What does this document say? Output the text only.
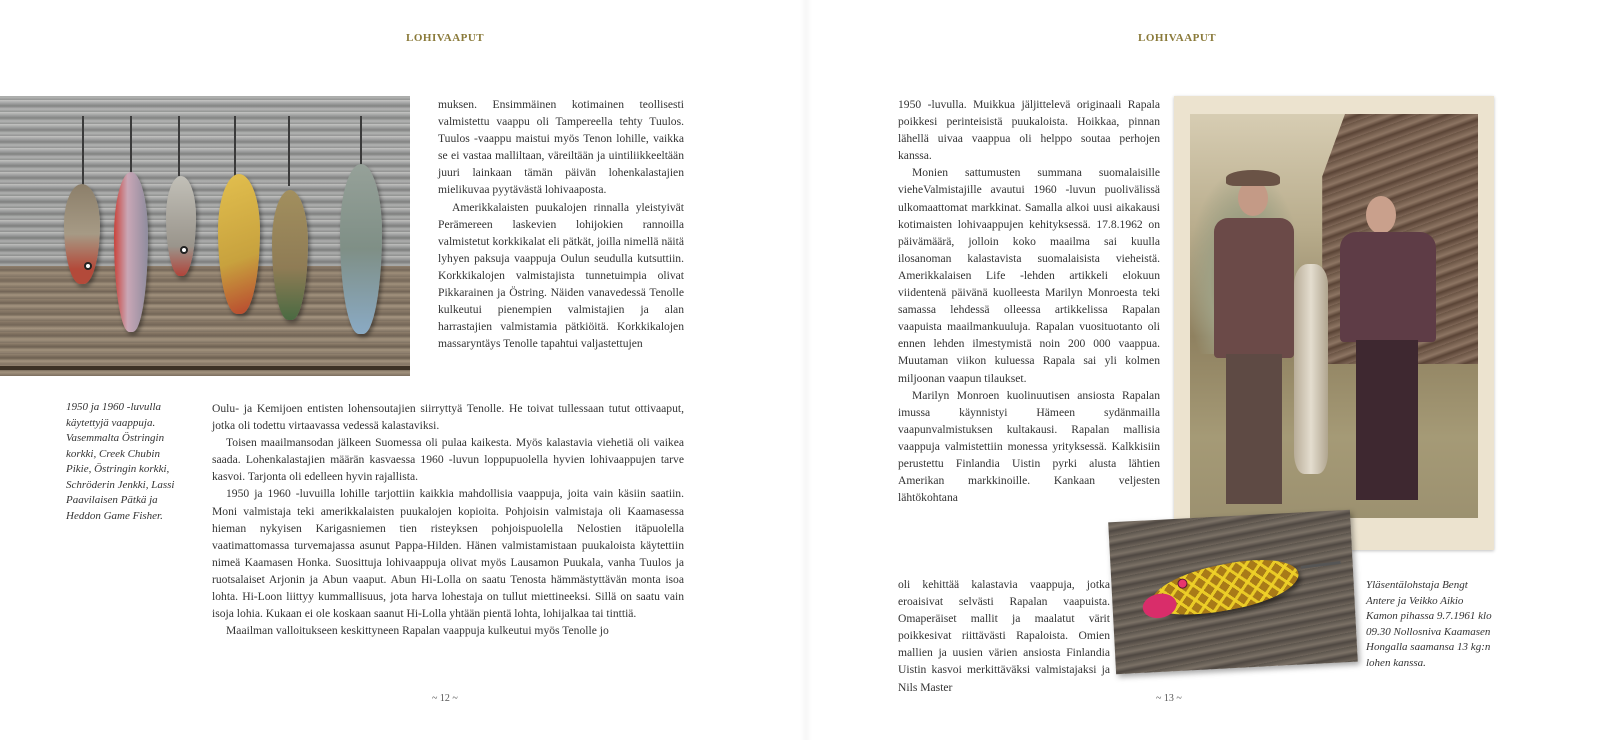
LOHIVAAPUT
1950 ja 1960 -luvulla käytettyjä vaappuja. Vasemmalta Östringin korkki, Creek Chubin Pikie, Östringin korkki, Schröderin Jenkki, Lassi Paavilaisen Pätkä ja Heddon Game Fisher.

muksen. Ensimmäinen kotimainen teollisesti valmistettu vaappu oli Tampereella tehty Tuulos. Tuulos -vaappu maistui myös Tenon lohille, vaikka se ei vastaa malliltaan, väreiltään ja uintiliikkeeltään juuri lainkaan tämän päivän lohenkalastajien mielikuvaa pyytävästä lohivaaposta.

Amerikkalaisten puukalojen rinnalla yleistyivät Perämereen laskevien lohijokien rannoilla valmistetut korkkikalat eli pätkät, joilla nimellä näitä lyhyen paksuja vaappuja Oulun seudulla kutsuttiin. Korkkikalojen valmistajista tunnetuimpia olivat Pikkarainen ja Östring. Näiden vanavedessä Tenolle kulkeutui pienempien valmistajien ja alan harrastajien valmistamia pätkiöitä. Korkkikalojen massaryntäys Tenolle tapahtui valjastettujen

Oulu- ja Kemijoen entisten lohensoutajien siirryttyä Tenolle. He toivat tullessaan tutut ottivaaput, jotka oli todettu virtaavassa vedessä kalastaviksi.

Toisen maailmansodan jälkeen Suomessa oli pulaa kaikesta. Myös kalastavia viehetiä oli vaikea saada. Lohenkalastajien määrän kasvaessa 1960 -luvun loppupuolella hyvien lohivaappujen tarve kasvoi. Tarjonta oli edelleen hyvin rajallista.

1950 ja 1960 -luvuilla lohille tarjottiin kaikkia mahdollisia vaappuja, joita vain käsiin saatiin. Moni valmistaja teki amerikkalaisten puukalojen kopioita. Pohjoisin valmistaja oli Kaamasessa hieman nykyisen Karigasniemen tien risteyksen pohjoispuolella Nelostien itäpuolella vaatimattomassa turvemajassa asunut Pappa-Hilden. Hänen valmistamistaan puukaloista käytettiin nimeä Kaamasen Honka. Suosittuja lohivaappuja olivat myös Lausamon Puukala, vanha Tuulos ja ruotsalaiset Arjonin ja Abun vaaput. Abun Hi-Lolla on saatu Tenosta hämmästyttävän monta isoa lohta. Hi-Loon liittyy kummallisuus, jota harva lohestaja on tullut miettineeksi. Sillä on saatu vain isoja lohia. Kukaan ei ole koskaan saanut Hi-Lolla yhtään pientä lohta, lohijalkaa tai tinttiä.

Maailman valloitukseen keskittyneen Rapalan vaappuja kulkeutui myös Tenolle jo

~ 12 ~
LOHIVAAPUT

1950 -luvulla. Muikkua jäljittelevä originaali Rapala poikkesi perinteisistä puukaloista. Hoikkaa, pinnan lähellä uivaa vaappua oli helppo soutaa perhojen kanssa.

Monien sattumusten summana suomalaisille vieheValmistajille avautui 1960 -luvun puolivälissä ulkomaattomat markkinat. Samalla alkoi uusi aikakausi kotimaisten lohivaappujen kehityksessä. 17.8.1962 on päivämäärä, jolloin koko maailma sai kuulla ilosanoman kalastavista suomalaisista vieheistä. Amerikkalaisen Life -lehden artikkeli elokuun viidentenä päivänä kuolleesta Marilyn Monroesta teki samassa lehdessä olleessa artikkelissa Rapalan vaapuista maailmankuuluja. Rapalan vuosituotanto oli ennen lehden ilmestymistä noin 200 000 vaappua. Muutaman viikon kuluessa Rapala sai yli kolmen miljoonan vaapun tilaukset.

Marilyn Monroen kuolinuutisen ansiosta Rapalan imussa käynnistyi Hämeen sydänmailla vaapunvalmistuksen kultakausi. Rapalan mallisia vaappuja valmistettiin monessa yrityksessä. Kalkkisiin perustettu Finlandia Uistin pyrki alusta lähtien Amerikan markkinoille. Kankaan veljesten lähtökohtana

oli kehittää kalastavia vaappuja, jotka eroaisivat selvästi Rapalan vaapuista. Omaperäiset mallit ja maalatut värit poikkesivat riittävästi Rapaloista. Omien mallien ja uusien värien ansiosta Finlandia Uistin kasvoi merkittäväksi valmistajaksi ja Nils Master

Yläsentälohstaja Bengt Antere ja Veikko Aikio Kamon pihassa 9.7.1961 klo 09.30 Nollosniva Kaamasen Hongalla saamansa 13 kg:n lohen kanssa.
~ 13 ~
